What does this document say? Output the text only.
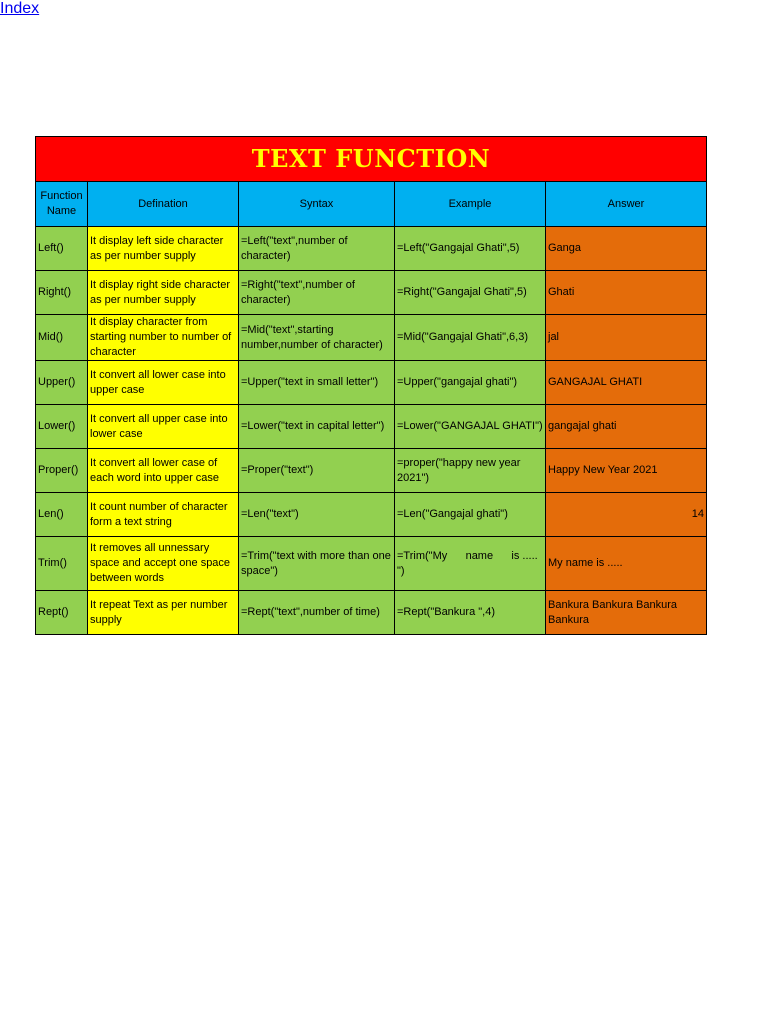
TEXT FUNCTION				

Function Name	Defination	Syntax	Example	Answer
Left()	It display left side character as per number supply	=Left("text",number of character)	=Left("Gangajal Ghati",5)	Ganga
Right()	It display right side character as per number supply	=Right("text",number of character)	=Right("Gangajal Ghati",5)	Ghati
Mid()	It display character from starting number to number of character	=Mid("text",starting number,number of character)	=Mid("Gangajal Ghati",6,3)	jal
Upper()	It convert all lower case into upper case	=Upper("text in small letter")	=Upper("gangajal ghati")	GANGAJAL GHATI
Lower()	It convert all upper case into lower case	=Lower("text in capital letter")	=Lower("GANGAJAL GHATI")	gangajal ghati
Proper()	It convert all lower case of each word into upper case	=Proper("text")	=proper("happy new year 2021")	Happy New Year 2021
Len()	It count number of character form a text string	=Len("text")	=Len("Gangajal ghati")	14
Trim()	It removes all unnessary space and accept one space between words	=Trim("text with more than one space")	=Trim("My      name      is ..... ")	My name is .....
Rept()	It repeat Text as per number supply	=Rept("text",number of time)	=Rept("Bankura ",4)	Bankura Bankura Bankura Bankura
Index
